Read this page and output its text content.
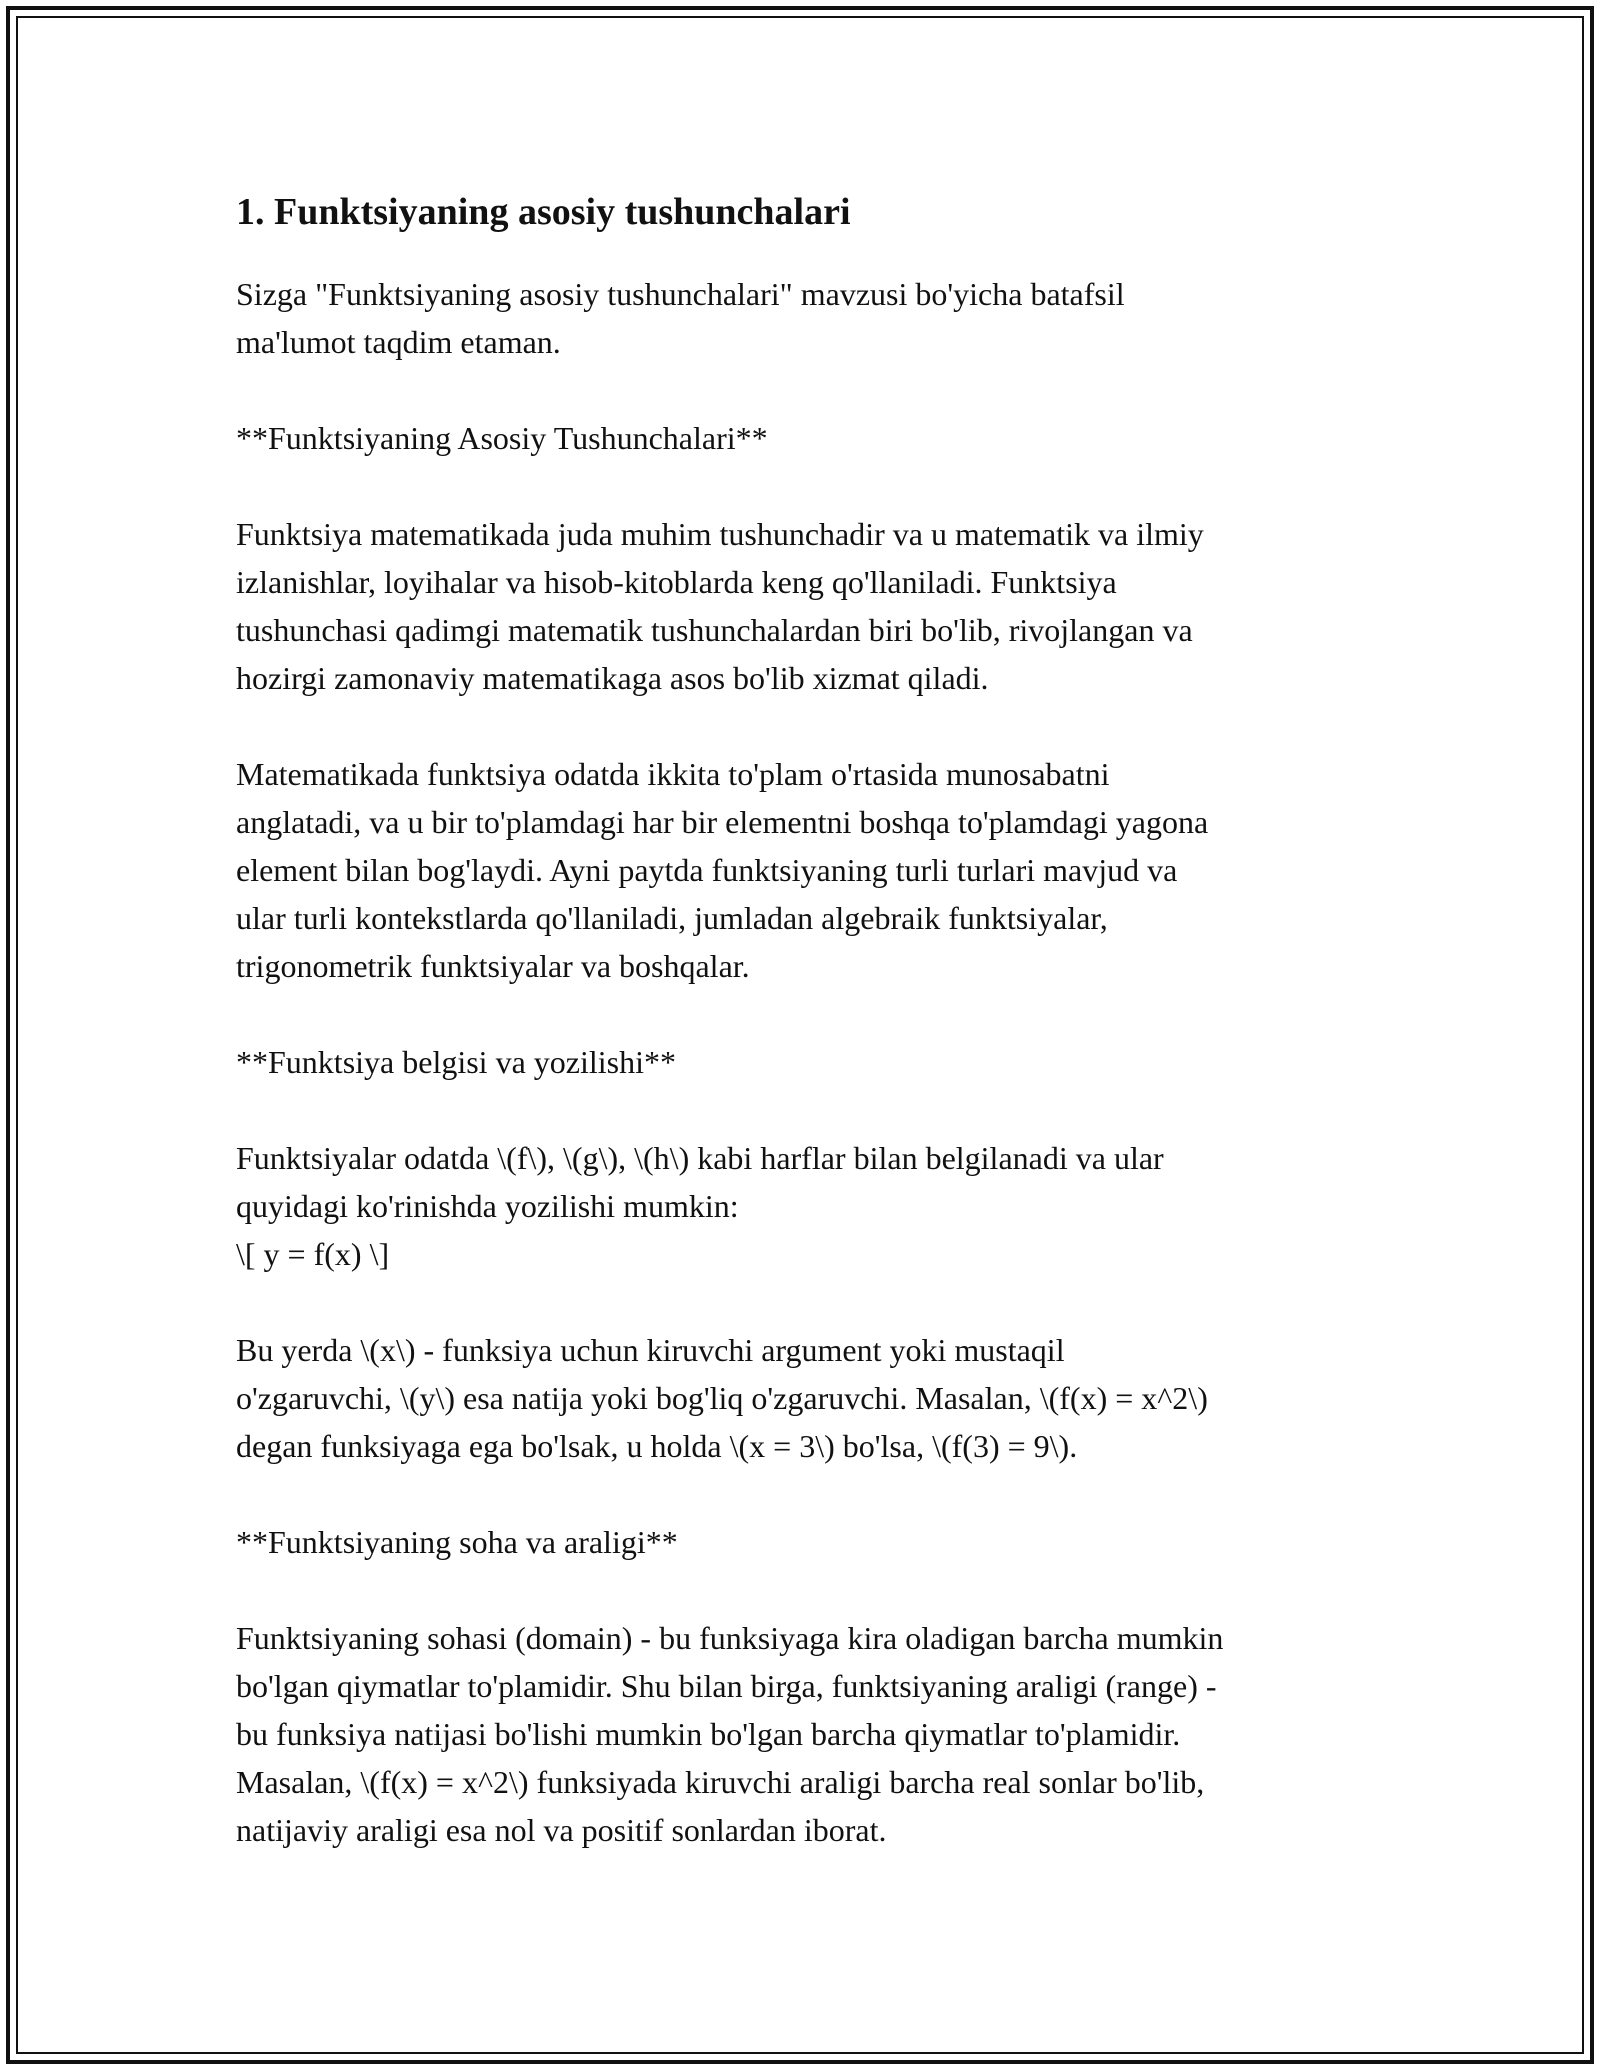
1. Funktsiyaning asosiy tushunchalari

Sizga "Funktsiyaning asosiy tushunchalari" mavzusi bo'yicha batafsil
ma'lumot taqdim etaman.

**Funktsiyaning Asosiy Tushunchalari**

Funktsiya matematikada juda muhim tushunchadir va u matematik va ilmiy
izlanishlar, loyihalar va hisob-kitoblarda keng qo'llaniladi. Funktsiya
tushunchasi qadimgi matematik tushunchalardan biri bo'lib, rivojlangan va
hozirgi zamonaviy matematikaga asos bo'lib xizmat qiladi.

Matematikada funktsiya odatda ikkita to'plam o'rtasida munosabatni
anglatadi, va u bir to'plamdagi har bir elementni boshqa to'plamdagi yagona
element bilan bog'laydi. Ayni paytda funktsiyaning turli turlari mavjud va
ular turli kontekstlarda qo'llaniladi, jumladan algebraik funktsiyalar,
trigonometrik funktsiyalar va boshqalar.

**Funktsiya belgisi va yozilishi**

Funktsiyalar odatda \(f\), \(g\), \(h\) kabi harflar bilan belgilanadi va ular
quyidagi ko'rinishda yozilishi mumkin:
\[ y = f(x) \]

Bu yerda \(x\) - funksiya uchun kiruvchi argument yoki mustaqil
o'zgaruvchi, \(y\) esa natija yoki bog'liq o'zgaruvchi. Masalan, \(f(x) = x^2\)
degan funksiyaga ega bo'lsak, u holda \(x = 3\) bo'lsa, \(f(3) = 9\).

**Funktsiyaning soha va araligi**

Funktsiyaning sohasi (domain) - bu funksiyaga kira oladigan barcha mumkin
bo'lgan qiymatlar to'plamidir. Shu bilan birga, funktsiyaning araligi (range) -
bu funksiya natijasi bo'lishi mumkin bo'lgan barcha qiymatlar to'plamidir.
Masalan, \(f(x) = x^2\) funksiyada kiruvchi araligi barcha real sonlar bo'lib,
natijaviy araligi esa nol va positif sonlardan iborat.
